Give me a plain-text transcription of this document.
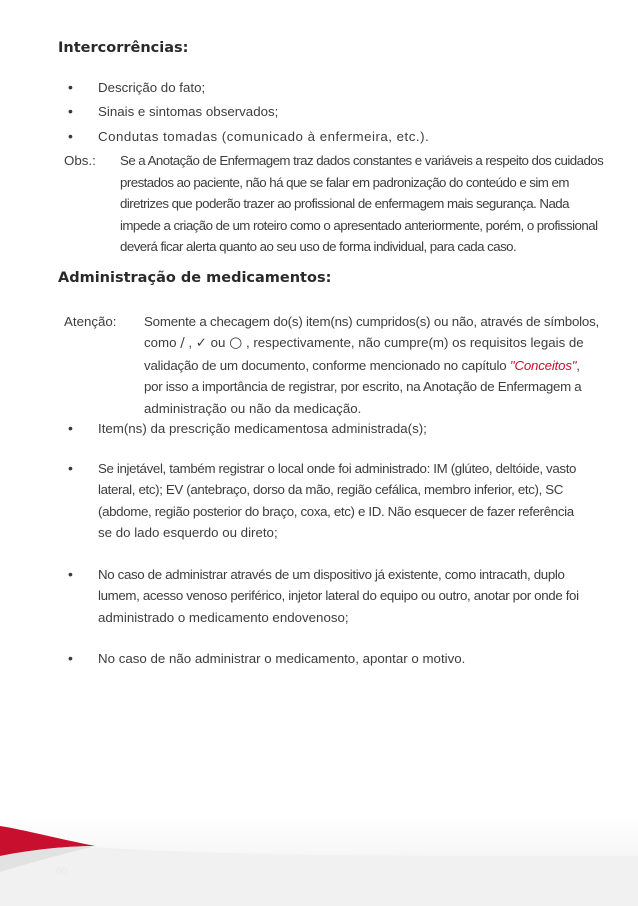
Intercorrências:
• Descrição do fato;
• Sinais e sintomas observados;
• Condutas tomadas (comunicado à enfermeira, etc.).
Obs.: Se a Anotação de Enfermagem traz dados constantes e variáveis a respeito dos cuidados

prestados ao paciente, não há que se falar em padronização do conteúdo e sim em

diretrizes que poderão trazer ao profissional de enfermagem mais segurança. Nada

impede a criação de um roteiro como o apresentado anteriormente, porém, o profissional

deverá ficar alerta quanto ao seu uso de forma individual, para cada caso.

Administração de medicamentos:
Atenção: Somente a checagem do(s) item(ns) cumpridos(s) ou não, através de símbolos,
como / , ✓ ou ○ , respectivamente, não cumpre(m) os requisitos legais de
validação de um documento, conforme mencionado no capítulo "Conceitos",
por isso a importância de registrar, por escrito, na Anotação de Enfermagem a
administração ou não da medicação.
• Item(ns) da prescrição medicamentosa administrada(s);
• Se injetável, também registrar o local onde foi administrado: IM (glúteo, deltóide, vasto
lateral, etc); EV (antebraço, dorso da mão, região cefálica, membro inferior, etc), SC
(abdome, região posterior do braço, coxa, etc) e ID. Não esquecer de fazer referência
se do lado esquerdo ou direto;
• No caso de administrar através de um dispositivo já existente, como intracath, duplo
lumem, acesso venoso periférico, injetor lateral do equipo ou outro, anotar por onde foi
administrado o medicamento endovenoso;
• No caso de não administrar o medicamento, apontar o motivo.
60
